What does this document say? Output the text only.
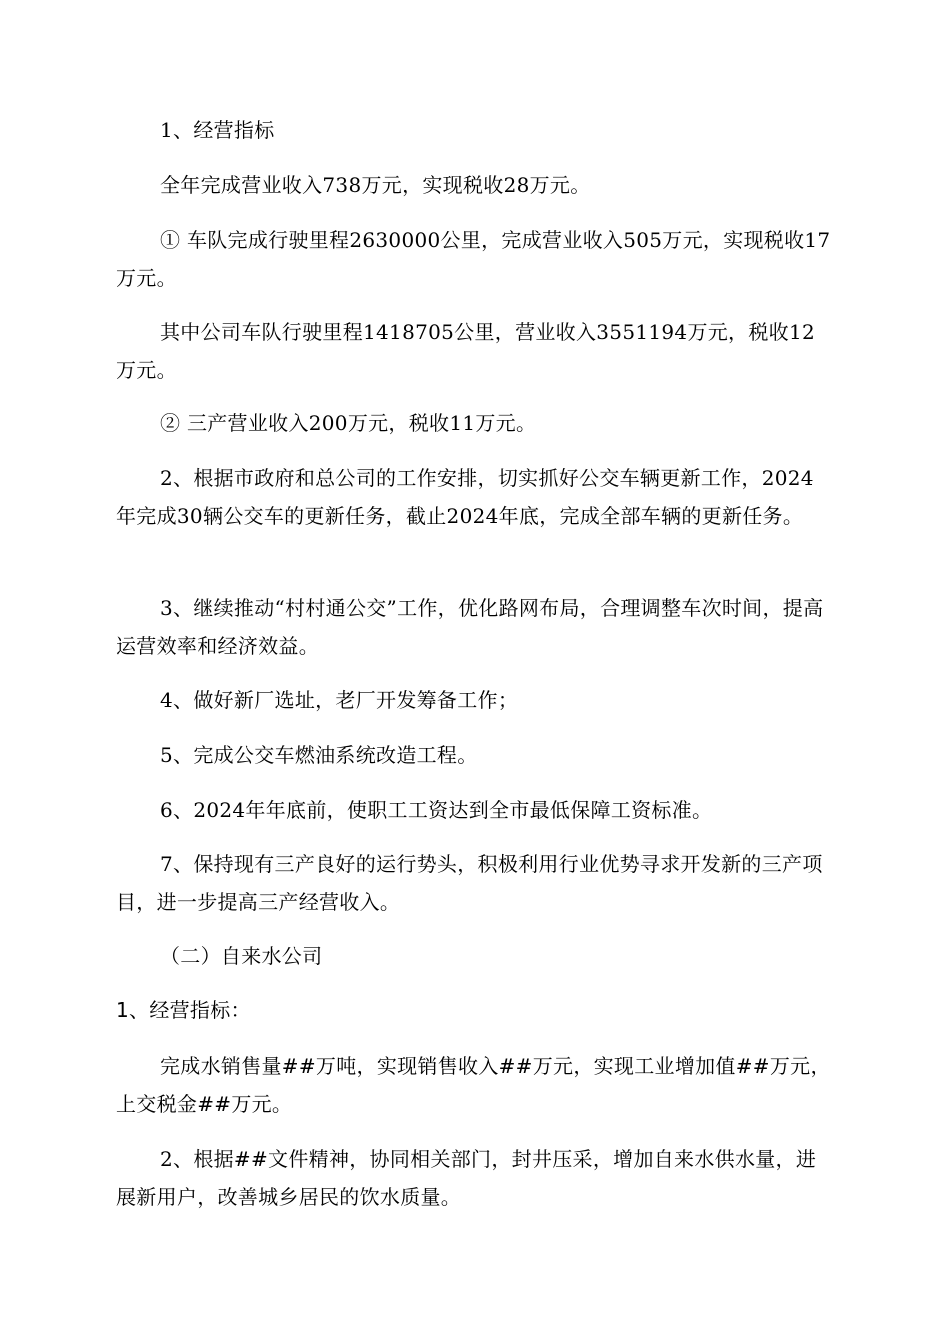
1、经营指标

全年完成营业收入738万元，实现税收28万元。

① 车队完成行驶里程2630000公里，完成营业收入505万元，实现税收17万元。

其中公司车队行驶里程1418705公里，营业收入3551194万元，税收12万元。

② 三产营业收入200万元，税收11万元。

2、根据市政府和总公司的工作安排，切实抓好公交车辆更新工作，2024年完成30辆公交车的更新任务，截止2024年底，完成全部车辆的更新任务。

3、继续推动“村村通公交”工作，优化路网布局，合理调整车次时间，提高运营效率和经济效益。

4、做好新厂选址，老厂开发筹备工作；

5、完成公交车燃油系统改造工程。

6、2024年年底前，使职工工资达到全市最低保障工资标准。

7、保持现有三产良好的运行势头，积极利用行业优势寻求开发新的三产项目，进一步提高三产经营收入。

（二）自来水公司

1、经营指标：

完成水销售量##万吨，实现销售收入##万元，实现工业增加值##万元，上交税金##万元。

2、根据##文件精神，协同相关部门，封井压采，增加自来水供水量，进展新用户，改善城乡居民的饮水质量。
